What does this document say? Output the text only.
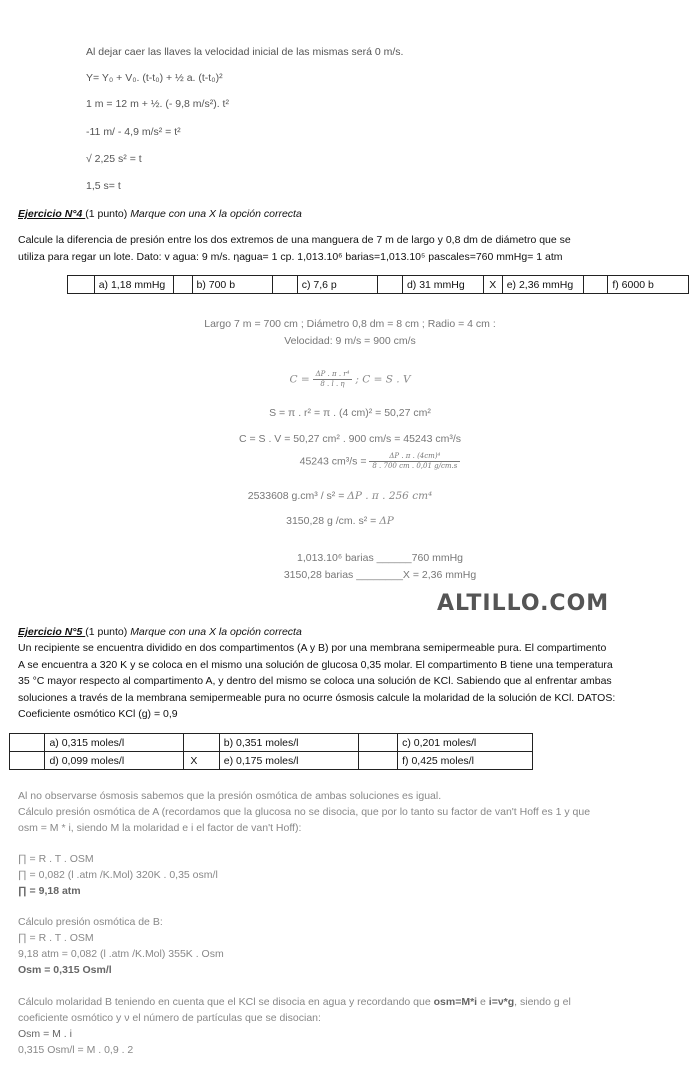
Al dejar caer las llaves la velocidad inicial de las mismas será 0 m/s.
Y= Y₀ + V₀. (t-t₀) + ½ a. (t-t₀)²
1 m = 12 m + ½. (- 9,8 m/s²). t²
-11 m/ - 4,9 m/s² = t²
√ 2,25 s² = t
1,5 s= t
Ejercicio N°4 (1 punto) Marque con una X la opción correcta
Calcule la diferencia de presión entre los dos extremos de una manguera de 7 m de largo y 0,8 dm de diámetro que se
utiliza para regar un lote. Dato: v agua: 9 m/s. ηagua= 1 cp. 1,013.10⁶ barias=1,013.10⁵ pascales=760 mmHg= 1 atm
	a) 1,18 mmHg		b) 700 b		c) 7,6 p		d) 31 mmHg	X	e) 2,36 mmHg		f) 6000 b
Largo 7 m = 700 cm ; Diámetro 0,8 dm = 8 cm ; Radio = 4 cm :
Velocidad: 9 m/s = 900 cm/s
$C = \frac{\text{ΔP . π . r⁴}}{8 . l . \eta}$ ; C = S . V
S = π . r² = π . (4 cm)² = 50,27 cm²
C = S . V = 50,27 cm² . 900 cm/s = 45243 cm³/s
45243 $cm^3/s = \frac{\text{ΔP . π . (4cm)⁴}}{8 . 700 cm . 0,01 g/cm.s}$
2533608 g.cm³ / s² = ΔP . π . 256 cm⁴
3150,28 g /cm. s² = ΔP
1,013.10⁶ barias ______760 mmHg
3150,28 barias ________X = 2,36 mmHg
ALTILLO.COM
Ejercicio N°5 (1 punto) Marque con una X la opción correcta
Un recipiente se encuentra dividido en dos compartimentos (A y B) por una membrana semipermeable pura. El compartimento
A se encuentra a 320 K y se coloca en el mismo una solución de glucosa 0,35 molar. El compartimento B tiene una temperatura
35 °C mayor respecto al compartimento A, y dentro del mismo se coloca una solución de KCl. Sabiendo que al enfrentar ambas
soluciones a través de la membrana semipermeable pura no ocurre ósmosis calcule la molaridad de la solución de KCl. DATOS:
Coeficiente osmótico KCl (g) = 0,9
	a) 0,315 moles/l		b) 0,351 moles/l		c) 0,201 moles/l
	d) 0,099 moles/l	X	e) 0,175 moles/l		f) 0,425 moles/l
Al no observarse ósmosis sabemos que la presión osmótica de ambas soluciones es igual.
Cálculo presión osmótica de A (recordamos que la glucosa no se disocia, que por lo tanto su factor de van't Hoff es 1 y que
osm = M * i, siendo M la molaridad e i el factor de van't Hoff):
∏ = R . T . OSM
∏ = 0,082 (l .atm /K.Mol) 320K . 0,35 osm/l
∏ = 9,18 atm
Cálculo presión osmótica de B:
∏ = R . T . OSM
9,18 atm = 0,082 (l .atm /K.Mol) 355K . Osm
Osm = 0,315 Osm/l
Cálculo molaridad B teniendo en cuenta que el KCl se disocia en agua y recordando que osm=M*i e i=ν*g, siendo g el
coeficiente osmótico y ν el número de partículas que se disocian:
Osm = M . i
0,315 Osm/l = M . 0,9 . 2
